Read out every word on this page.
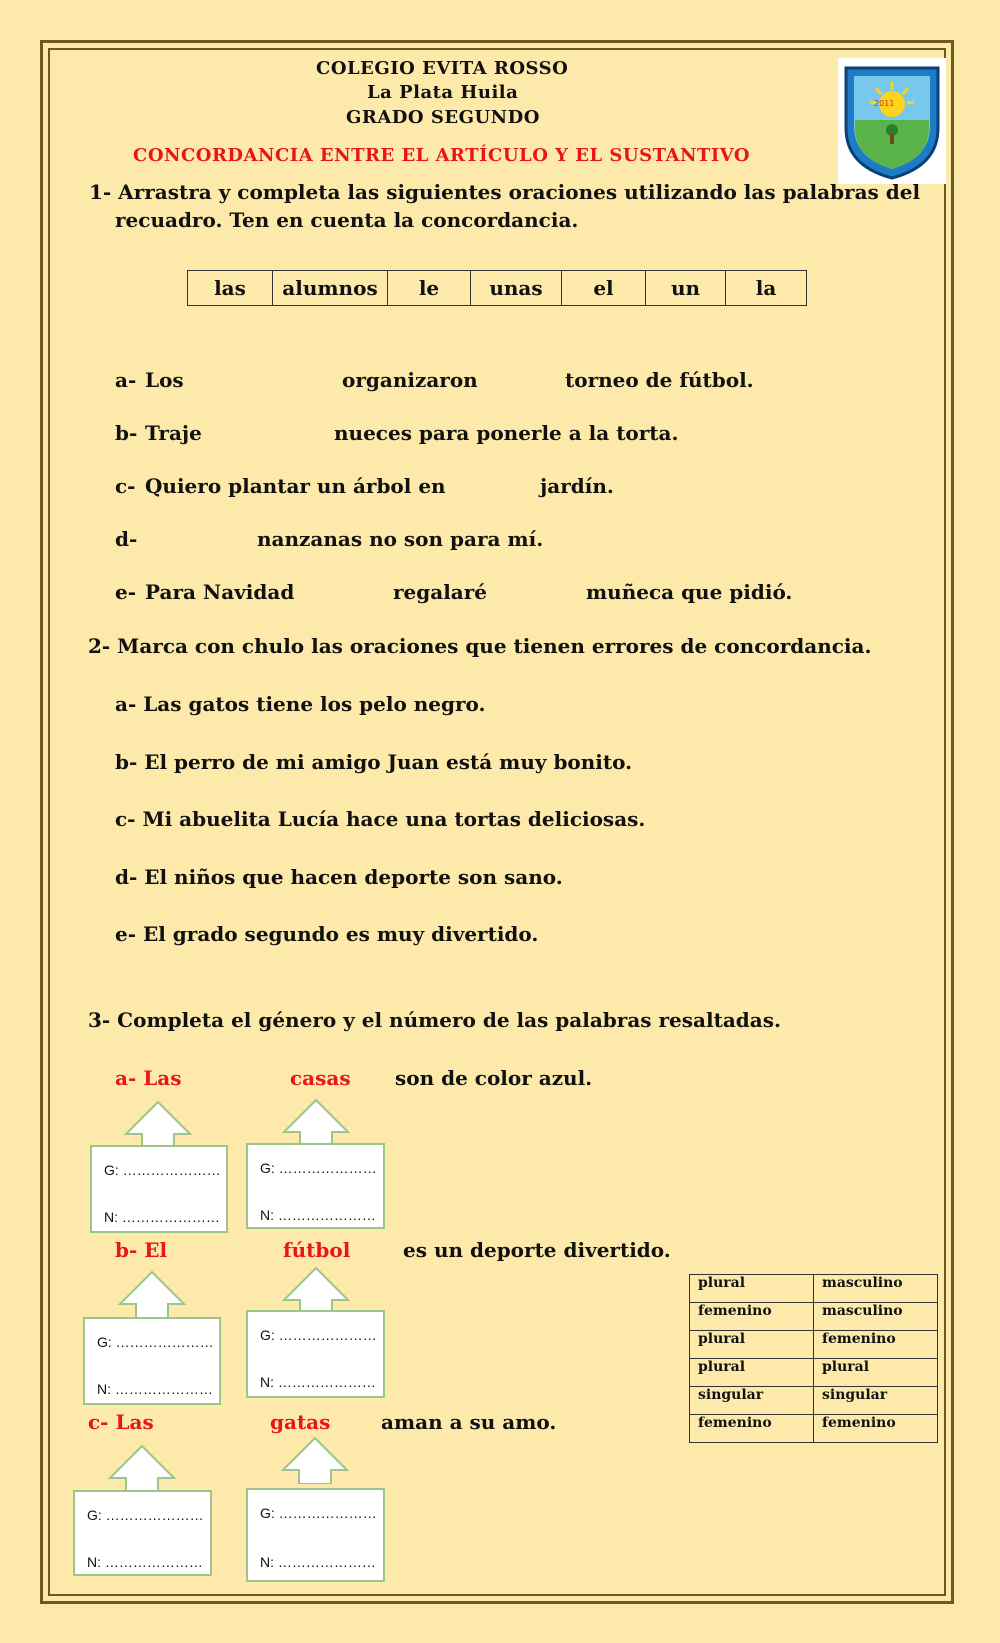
COLEGIO EVITA ROSSO
La Plata Huila
GRADO SEGUNDO
CONCORDANCIA ENTRE EL ARTÍCULO Y EL SUSTANTIVO
2011
1- Arrastra y completa las siguientes oraciones utilizando las palabras del
recuadro. Ten en cuenta la concordancia.
las	alumnos	le	unas	el	un	la
a- Los	organizaron	torneo de fútbol.
b- Traje	nueces para ponerle a la torta.
c- Quiero plantar un árbol en	jardín.
d-	nanzanas no son para mí.
e- Para Navidad	regalaré	muñeca que pidió.
2- Marca con chulo las oraciones que tienen errores de concordancia.
a- Las gatos tiene los pelo negro.
b- El perro de mi amigo Juan está muy bonito.
c- Mi abuelita Lucía hace una tortas deliciosas.
d- El niños que hacen deporte son sano.
e- El grado segundo es muy divertido.
3- Completa el género y el número de las palabras resaltadas.
a- Las	casas son de color azul.
G: …………………
N: …………………
G: …………………
N: …………………
b- El	fútbol	es un deporte divertido.
G: …………………
N: …………………
G: …………………
N: …………………
c- Las	gatas	aman a su amo.
G: …………………
N: …………………
G: …………………
N: …………………
plural	masculino
femenino	masculino
plural	femenino
plural	plural
singular	singular
femenino	femenino
